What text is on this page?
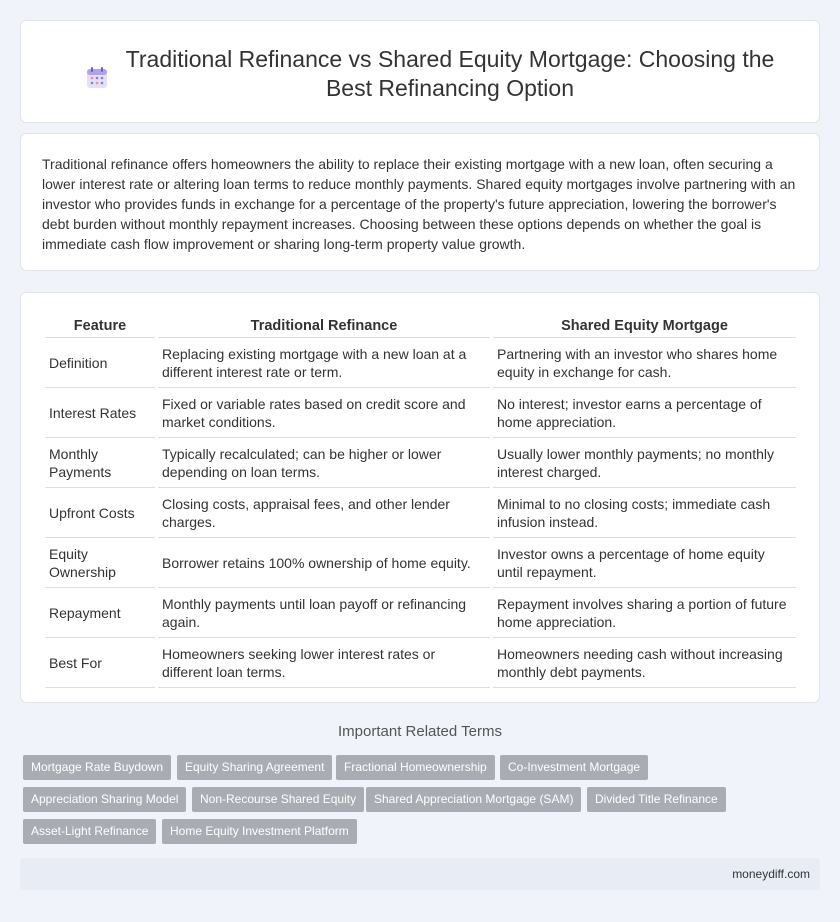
Traditional Refinance vs Shared Equity Mortgage: Choosing the Best Refinancing Option

Traditional refinance offers homeowners the ability to replace their existing mortgage with a new loan, often securing a lower interest rate or altering loan terms to reduce monthly payments. Shared equity mortgages involve partnering with an investor who provides funds in exchange for a percentage of the property's future appreciation, lowering the borrower's debt burden without monthly repayment increases. Choosing between these options depends on whether the goal is immediate cash flow improvement or sharing long-term property value growth.

Feature	Traditional Refinance	Shared Equity Mortgage
Definition	Replacing existing mortgage with a new loan at a different interest rate or term.	Partnering with an investor who shares home equity in exchange for cash.
Interest Rates	Fixed or variable rates based on credit score and market conditions.	No interest; investor earns a percentage of home appreciation.
Monthly Payments	Typically recalculated; can be higher or lower depending on loan terms.	Usually lower monthly payments; no monthly interest charged.
Upfront Costs	Closing costs, appraisal fees, and other lender charges.	Minimal to no closing costs; immediate cash infusion instead.
Equity Ownership	Borrower retains 100% ownership of home equity.	Investor owns a percentage of home equity until repayment.
Repayment	Monthly payments until loan payoff or refinancing again.	Repayment involves sharing a portion of future home appreciation.
Best For	Homeowners seeking lower interest rates or different loan terms.	Homeowners needing cash without increasing monthly debt payments.
Important Related Terms
Mortgage Rate Buydown	Equity Sharing Agreement	Fractional Homeownership	Co-Investment Mortgage
Appreciation Sharing Model	Non-Recourse Shared Equity	Shared Appreciation Mortgage (SAM)	Divided Title Refinance
Asset-Light Refinance	Home Equity Investment Platform
moneydiff.com
